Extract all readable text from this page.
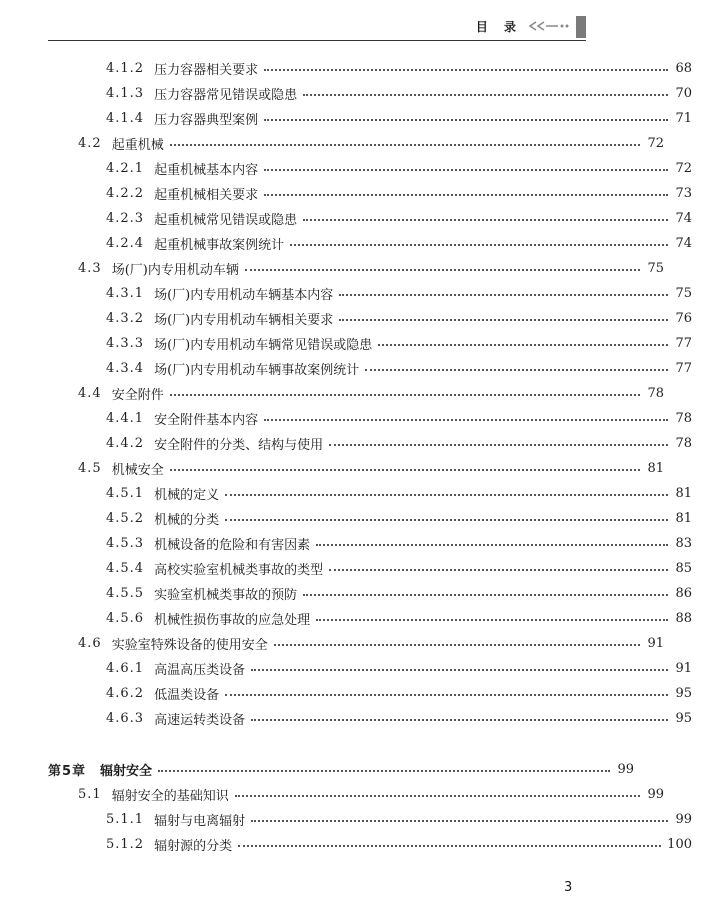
目 录
4.1.2 压力容器相关要求	68
4.1.3 压力容器常见错误或隐患	70
4.1.4 压力容器典型案例	71
4.2 起重机械	72
4.2.1 起重机械基本内容	72
4.2.2 起重机械相关要求	73
4.2.3 起重机械常见错误或隐患	74
4.2.4 起重机械事故案例统计	74
4.3 场(厂)内专用机动车辆	75
4.3.1 场(厂)内专用机动车辆基本内容	75
4.3.2 场(厂)内专用机动车辆相关要求	76
4.3.3 场(厂)内专用机动车辆常见错误或隐患	77
4.3.4 场(厂)内专用机动车辆事故案例统计	77
4.4 安全附件	78
4.4.1 安全附件基本内容	78
4.4.2 安全附件的分类、结构与使用	78
4.5 机械安全	81
4.5.1 机械的定义	81
4.5.2 机械的分类	81
4.5.3 机械设备的危险和有害因素	83
4.5.4 高校实验室机械类事故的类型	85
4.5.5 实验室机械类事故的预防	86
4.5.6 机械性损伤事故的应急处理	88
4.6 实验室特殊设备的使用安全	91
4.6.1 高温高压类设备	91
4.6.2 低温类设备	95
4.6.3 高速运转类设备	95
第5章 辐射安全	99
5.1 辐射安全的基础知识	99
5.1.1 辐射与电离辐射	99
5.1.2 辐射源的分类	100
3
